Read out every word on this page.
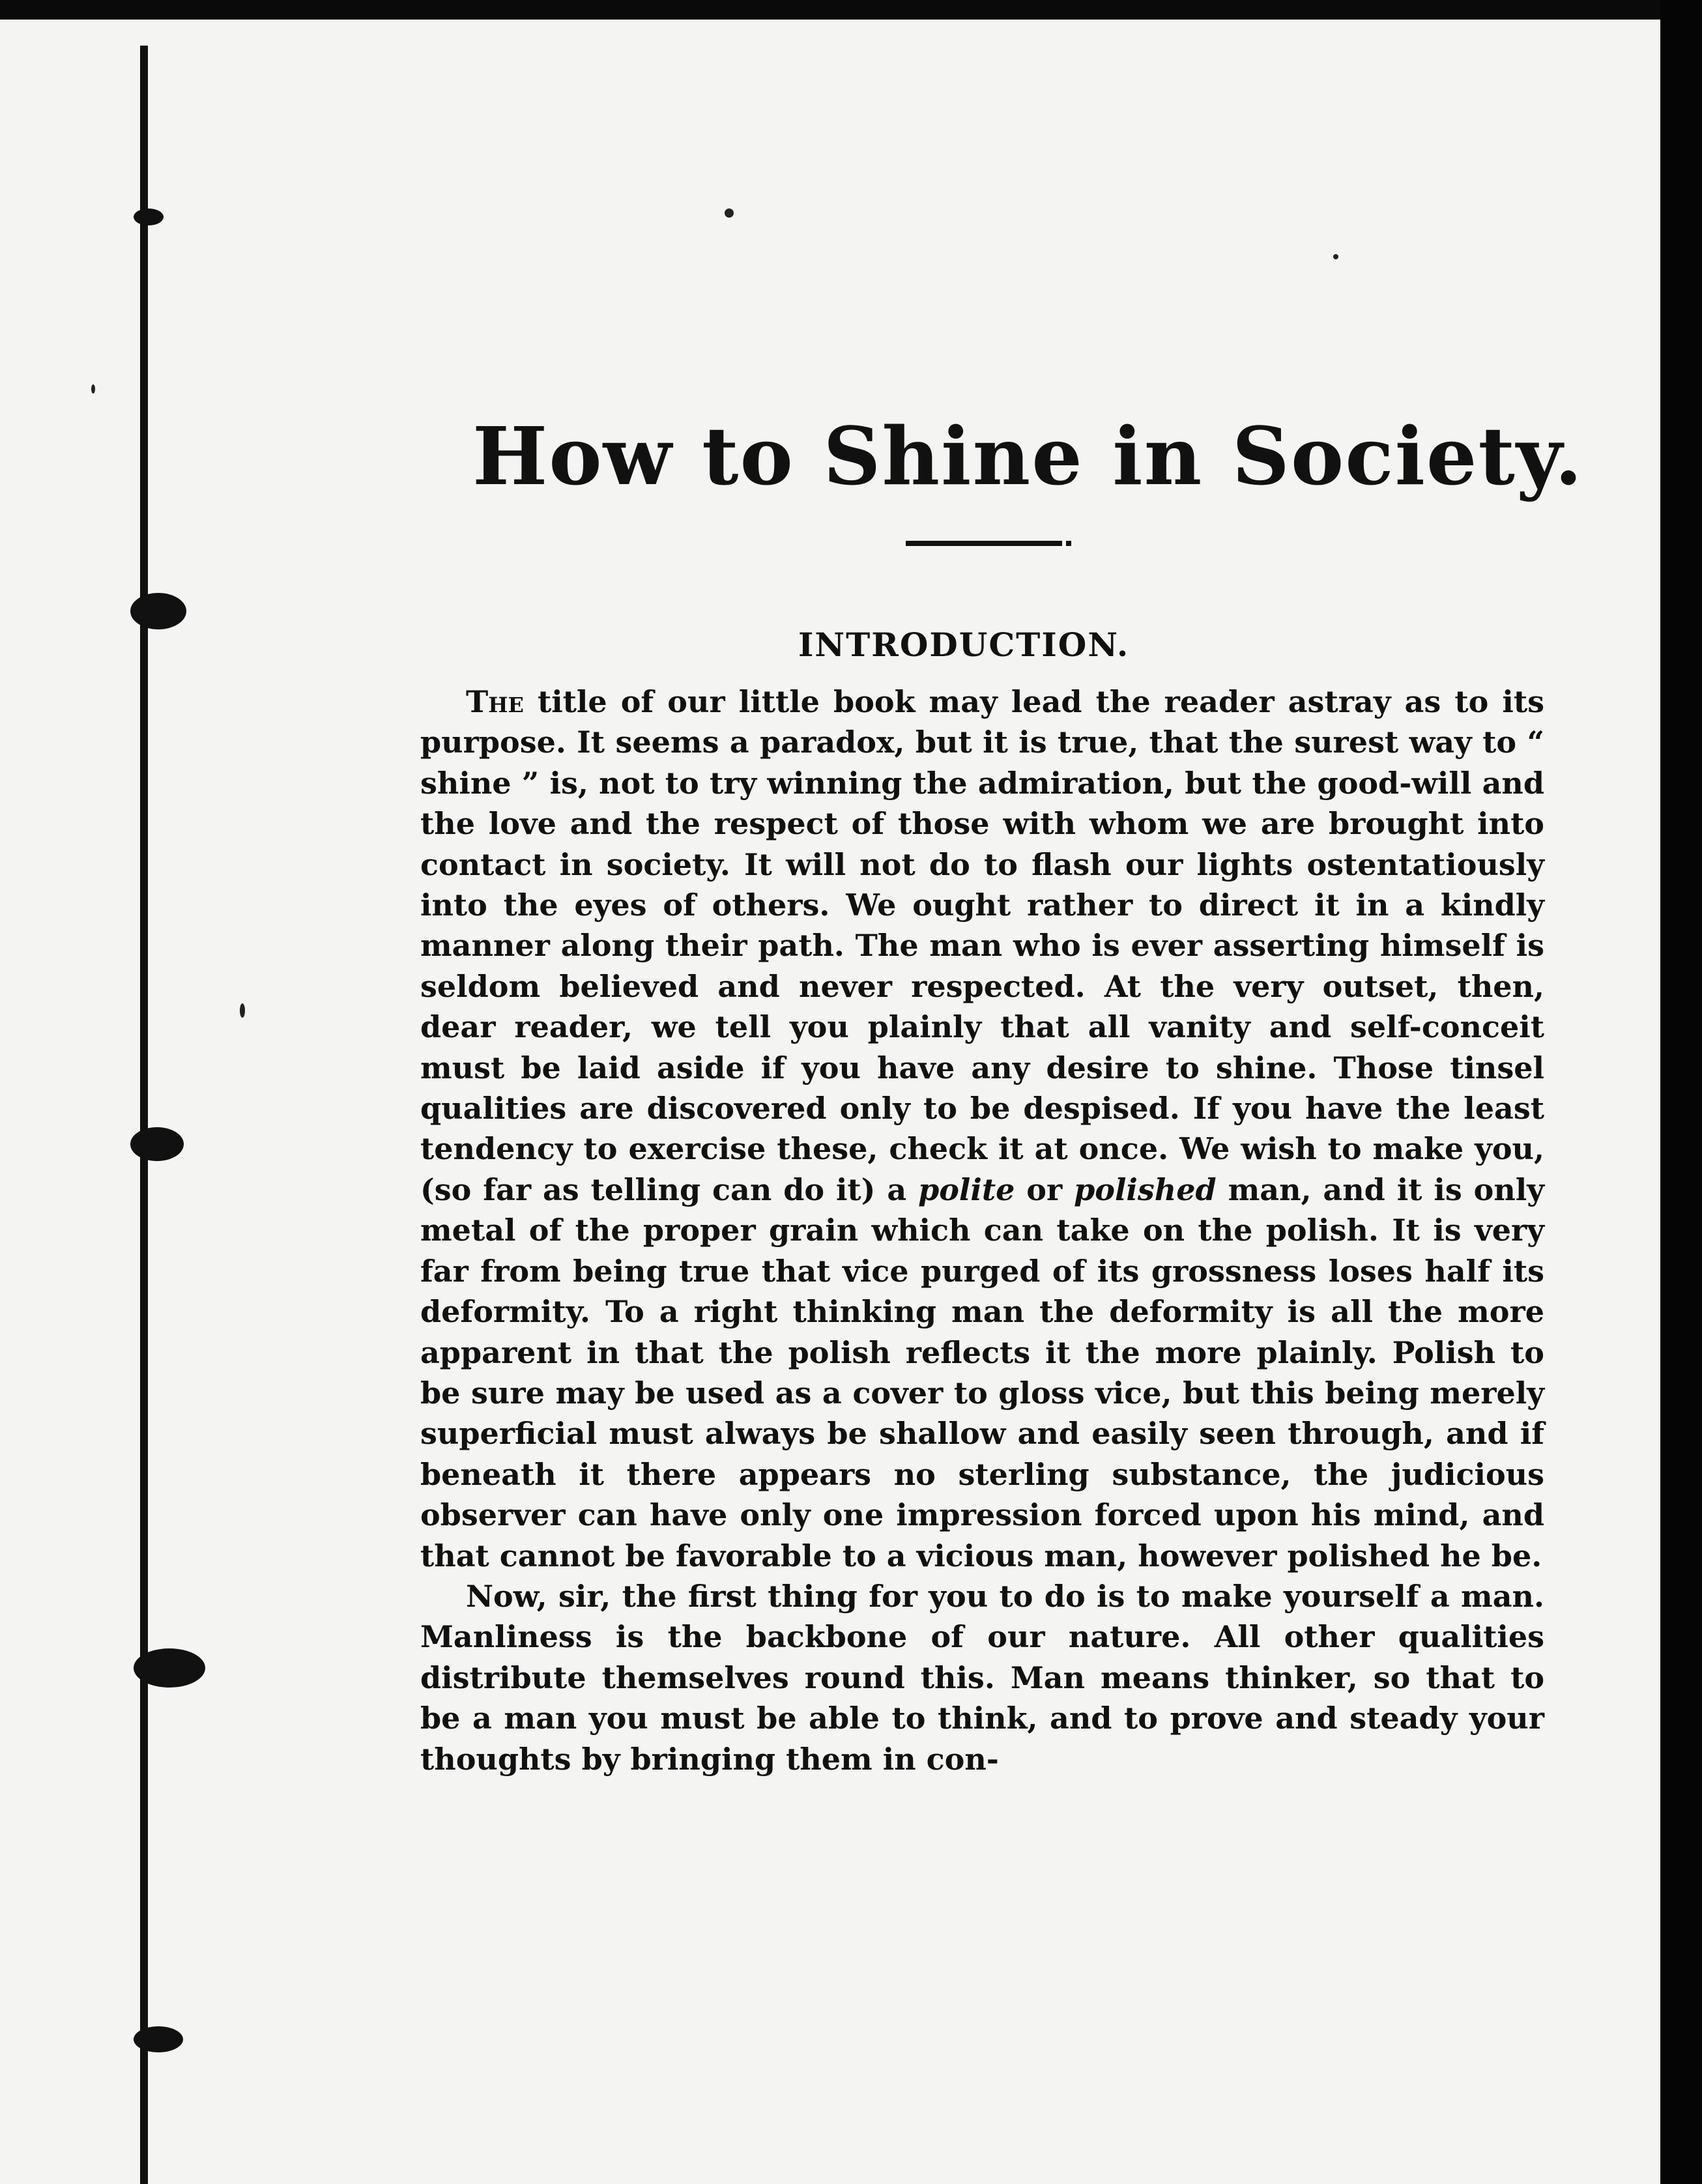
How to Shine in Society.
INTRODUCTION.

The title of our little book may lead the reader astray as to its purpose. It seems a paradox, but it is true, that the surest way to “ shine ” is, not to try winning the admiration, but the good-will and the love and the respect of those with whom we are brought into contact in society. It will not do to flash our lights ostentatiously into the eyes of others. We ought rather to direct it in a kindly manner along their path. The man who is ever asserting himself is seldom believed and never respected. At the very outset, then, dear reader, we tell you plainly that all vanity and self-conceit must be laid aside if you have any desire to shine. Those tinsel qualities are discovered only to be despised. If you have the least tendency to exercise these, check it at once. We wish to make you, (so far as telling can do it) a polite or polished man, and it is only metal of the proper grain which can take on the polish. It is very far from being true that vice purged of its grossness loses half its deformity. To a right thinking man the deformity is all the more apparent in that the polish reflects it the more plainly. Polish to be sure may be used as a cover to gloss vice, but this being merely superficial must always be shallow and easily seen through, and if beneath it there appears no sterling substance, the judicious observer can have only one impression forced upon his mind, and that cannot be favorable to a vicious man, however polished he be.

Now, sir, the first thing for you to do is to make yourself a man. Manliness is the backbone of our nature. All other qualities distribute themselves round this. Man means thinker, so that to be a man you must be able to think, and to prove and steady your thoughts by bringing them in con-
